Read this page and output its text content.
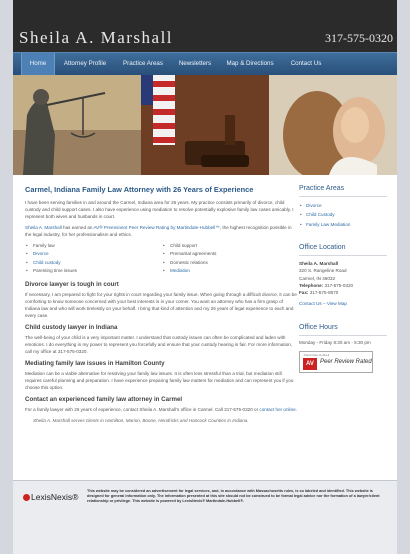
Sheila A. Marshall	317-575-0320
Home	Attorney Profile	Practice Areas	Newsletters	Map & Directions	Contact Us
Carmel, Indiana Family Law Attorney with 26 Years of Experience

I have been serving families in and around the Carmel, Indiana area for 26 years. My practice consists primarily of divorce, child custody and child support cases. I also have experience using mediation to resolve potentially explosive family law cases amicably. I represent both wives and husbands in court.

Sheila A. Marshall has earned an AV® Preeminent Peer Review Rating by Martindale-Hubbell™, the highest recognition possible in the legal industry, for her professionalism and ethics.

• Family law
• Divorce
• Child custody
• Parenting time issues
• Child support
• Premarital agreements
• Domestic relations
• Mediation
Divorce lawyer is tough in court

If necessary, I am prepared to fight for your rights in court regarding your family issue. When going through a difficult divorce, it can be comforting to know someone concerned with your best interests is in your corner. You want an attorney who has a firm grasp of Indiana law and who will work tirelessly on your behalf. I bring that kind of attention and my 26 years of legal experience to each and every case.

Child custody lawyer in Indiana

The well-being of your child is a very important matter. I understand that custody issues can often be complicated and laden with emotions. I do everything in my power to represent you forcefully and ensure that your custody hearing is fair. For more information, call my office at 317-575-0320.

Mediating family law issues in Hamilton County

Mediation can be a viable alternative for resolving your family law issues. It is often less stressful than a trial, but mediation still requires careful planning and preparation. I have experience preparing family law matters for mediation and can represent you if you choose this option.

Contact an experienced family law attorney in Carmel

For a family lawyer with 26 years of experience, contact Sheila A. Marshall's office in Carmel. Call 317-575-0320 or contact her online.

Sheila A. Marshall serves clients in Hamilton, Marion, Boone, Hendricks and Hancock Counties in Indiana.

Practice Areas
• Divorce
• Child Custody
• Family Law Mediation
Office Location

Sheila A. Marshall

320 S. Rangeline Road

Carmel, IN 46032

Telephone: 317-575-0320

Fax: 317-575-8570

Contact Us – View Map
Office Hours
Monday - Friday 8:30 am - 5:30 pm
Martindale-Hubbell
AV	Peer Review Rated
LexisNexis®
This website may be considered an advertisement for legal services, and, in accordance with Massachusetts rules, is so labeled and identified. This website is designed for general information only. The information presented at this site should not be construed to be formal legal advice nor the formation of a lawyer/client relationship or privilege. This website is powered by LexisNexis® Martindale-Hubbell®.
